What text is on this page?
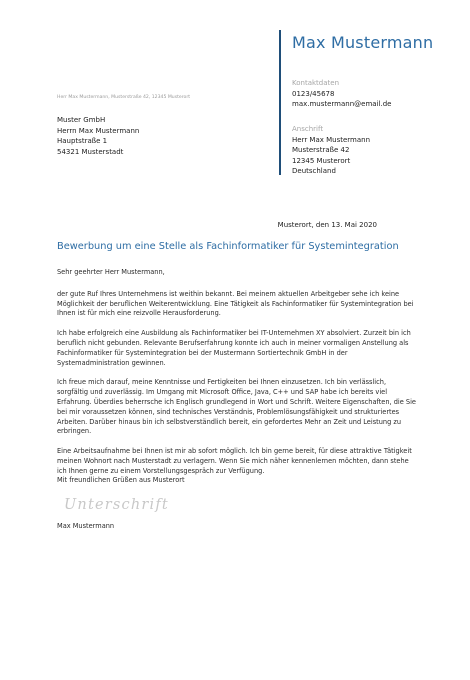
Max Mustermann
Kontaktdaten
0123/45678
max.mustermann@email.de
Anschrift
Herr Max Mustermann
Musterstraße 42
12345 Musterort
Deutschland
Herr Max Mustermann, Musterstraße 42, 12345 Musterort
Muster GmbH
Herrn Max Mustermann
Hauptstraße 1
54321 Musterstadt
Musterort, den 13. Mai 2020
Bewerbung um eine Stelle als Fachinformatiker für Systemintegration

Sehr geehrter Herr Mustermann,

der gute Ruf Ihres Unternehmens ist weithin bekannt. Bei meinem aktuellen Arbeitgeber sehe ich keine Möglichkeit der beruflichen Weiterentwicklung. Eine Tätigkeit als Fachinformatiker für Systemintegration bei Ihnen ist für mich eine reizvolle Herausforderung.

Ich habe erfolgreich eine Ausbildung als Fachinformatiker bei IT-Unternehmen XY absolviert. Zurzeit bin ich beruflich nicht gebunden. Relevante Berufserfahrung konnte ich auch in meiner vormaligen Anstellung als Fachinformatiker für Systemintegration bei der Mustermann Sortiertechnik GmbH in der Systemadministration gewinnen.

Ich freue mich darauf, meine Kenntnisse und Fertigkeiten bei Ihnen einzusetzen. Ich bin verlässlich, sorgfältig und zuverlässig. Im Umgang mit Microsoft Office, Java, C++ und SAP habe ich bereits viel Erfahrung. Überdies beherrsche ich Englisch grundlegend in Wort und Schrift. Weitere Eigenschaften, die Sie bei mir voraussetzen können, sind technisches Verständnis, Problemlösungsfähigkeit und strukturiertes Arbeiten. Darüber hinaus bin ich selbstverständlich bereit, ein gefordertes Mehr an Zeit und Leistung zu erbringen.

Eine Arbeitsaufnahme bei Ihnen ist mir ab sofort möglich. Ich bin gerne bereit, für diese attraktive Tätigkeit meinen Wohnort nach Musterstadt zu verlagern. Wenn Sie mich näher kennenlernen möchten, dann stehe ich Ihnen gerne zu einem Vorstellungsgespräch zur Verfügung.

Mit freundlichen Grüßen aus Musterort
Unterschrift
Max Mustermann
